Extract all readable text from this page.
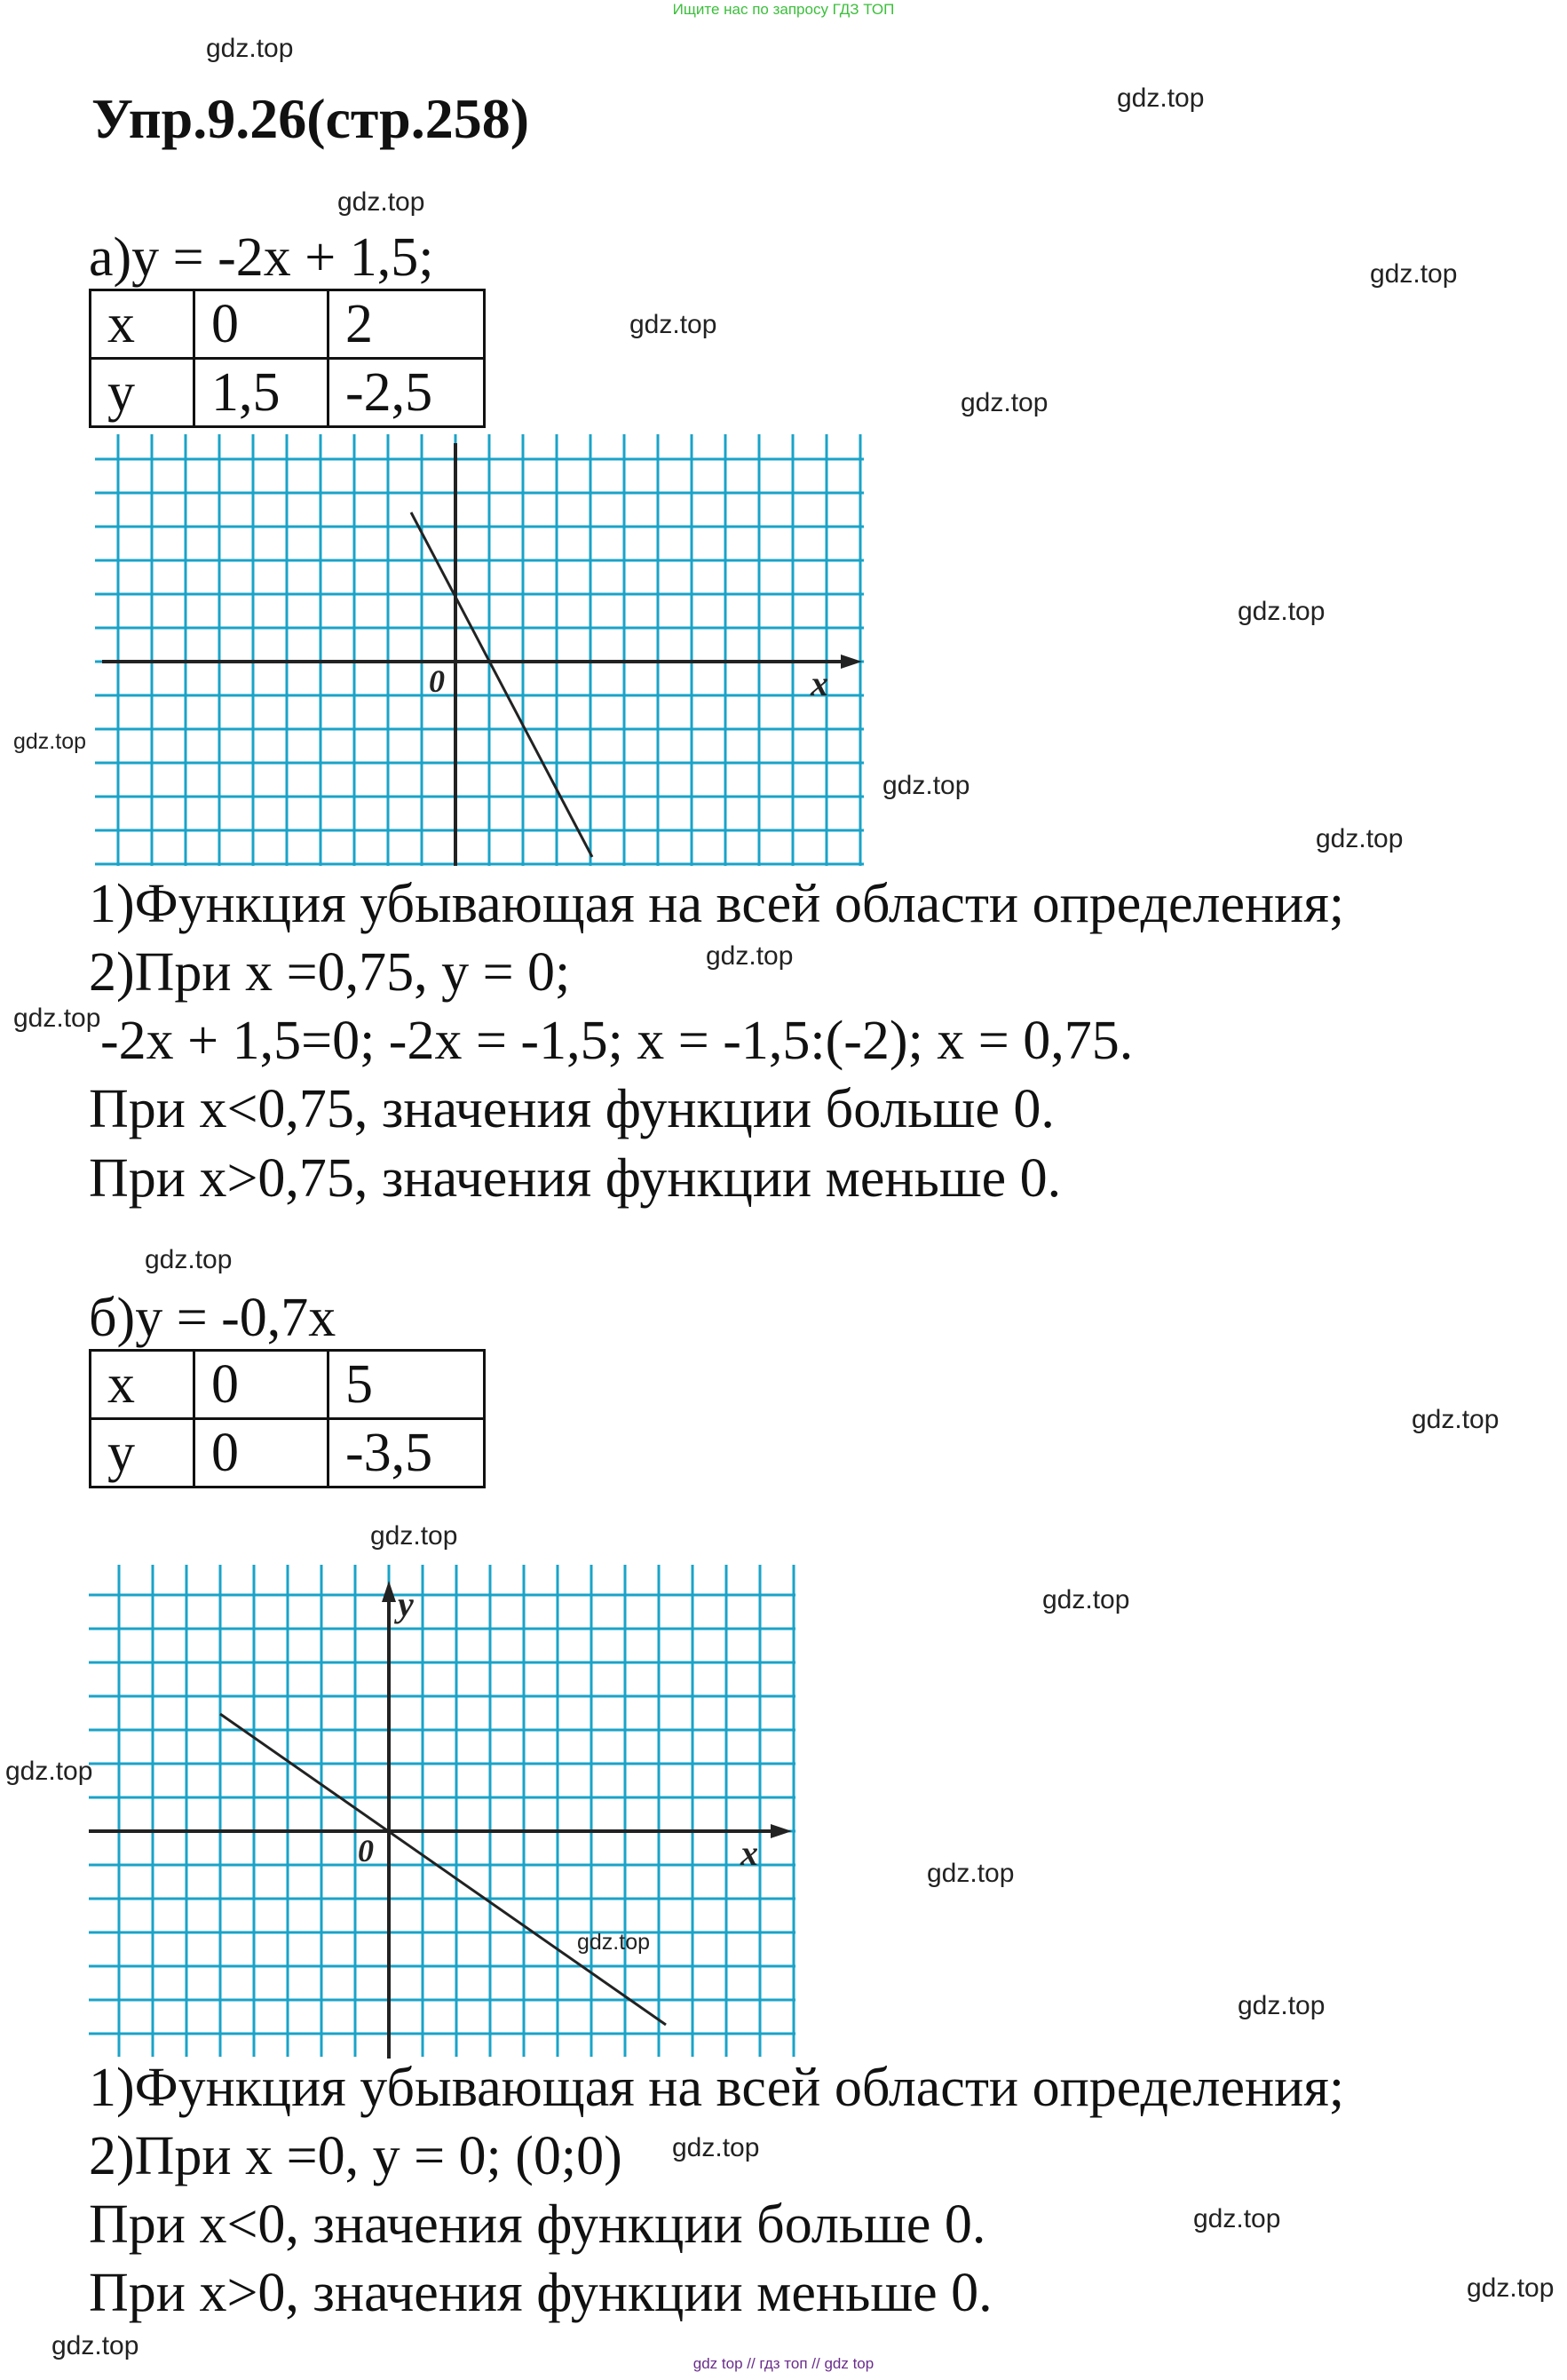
Ищите нас по запросу ГДЗ ТОП
gdz top // гдз топ // gdz top
Упр.9.26(стр.258)
а)у = -2х + 1,5;
х	0	2
у	1,5	-2,5
0	x
1)Функция убывающая на всей области определения;
2)При х =0,75, у = 0;
-2х + 1,5=0; -2х = -1,5; х = -1,5:(-2); х = 0,75.
При х<0,75, значения функции больше 0.
При х>0,75, значения функции меньше 0.
б)у = -0,7х
х	0	5
у	0	-3,5
0	x
y
1)Функция убывающая на всей области определения;
2)При х =0, у = 0; (0;0)
При х<0, значения функции больше 0.
При х>0, значения функции меньше 0.
gdz.top
gdz.top
gdz.top
gdz.top
gdz.top
gdz.top
gdz.top
gdz.top
gdz.top
gdz.top
gdz.top
gdz.top
gdz.top
gdz.top
gdz.top
gdz.top
gdz.top
gdz.top
gdz.top
gdz.top
gdz.top
gdz.top
gdz.top
gdz.top
